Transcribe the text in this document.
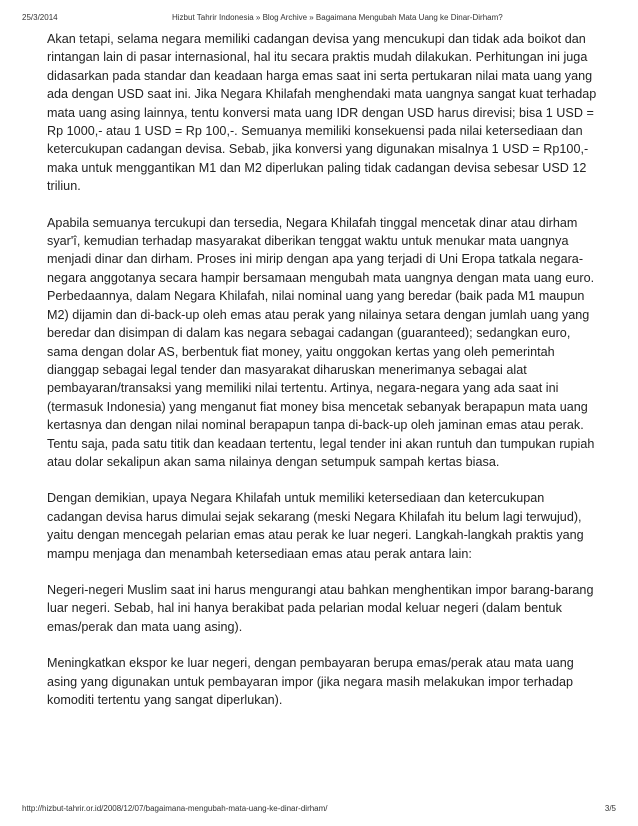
25/3/2014	Hizbut Tahrir Indonesia » Blog Archive » Bagaimana Mengubah Mata Uang ke Dinar-Dirham?

Akan tetapi, selama negara memiliki cadangan devisa yang mencukupi dan tidak ada boikot dan rintangan lain di pasar internasional, hal itu secara praktis mudah dilakukan. Perhitungan ini juga didasarkan pada standar dan keadaan harga emas saat ini serta pertukaran nilai mata uang yang ada dengan USD saat ini. Jika Negara Khilafah menghendaki mata uangnya sangat kuat terhadap mata uang asing lainnya, tentu konversi mata uang IDR dengan USD harus direvisi; bisa 1 USD = Rp 1000,- atau 1 USD = Rp 100,-. Semuanya memiliki konsekuensi pada nilai ketersediaan dan ketercukupan cadangan devisa. Sebab, jika konversi yang digunakan misalnya 1 USD = Rp100,- maka untuk menggantikan M1 dan M2 diperlukan paling tidak cadangan devisa sebesar USD 12 triliun.

Apabila semuanya tercukupi dan tersedia, Negara Khilafah tinggal mencetak dinar atau dirham syar'î, kemudian terhadap masyarakat diberikan tenggat waktu untuk menukar mata uangnya menjadi dinar dan dirham. Proses ini mirip dengan apa yang terjadi di Uni Eropa tatkala negara-negara anggotanya secara hampir bersamaan mengubah mata uangnya dengan mata uang euro. Perbedaannya, dalam Negara Khilafah, nilai nominal uang yang beredar (baik pada M1 maupun M2) dijamin dan di-back-up oleh emas atau perak yang nilainya setara dengan jumlah uang yang beredar dan disimpan di dalam kas negara sebagai cadangan (guaranteed); sedangkan euro, sama dengan dolar AS, berbentuk fiat money, yaitu onggokan kertas yang oleh pemerintah dianggap sebagai legal tender dan masyarakat diharuskan menerimanya sebagai alat pembayaran/transaksi yang memiliki nilai tertentu. Artinya, negara-negara yang ada saat ini (termasuk Indonesia) yang menganut fiat money bisa mencetak sebanyak berapapun mata uang kertasnya dan dengan nilai nominal berapapun tanpa di-back-up oleh jaminan emas atau perak. Tentu saja, pada satu titik dan keadaan tertentu, legal tender ini akan runtuh dan tumpukan rupiah atau dolar sekalipun akan sama nilainya dengan setumpuk sampah kertas biasa.

Dengan demikian, upaya Negara Khilafah untuk memiliki ketersediaan dan ketercukupan cadangan devisa harus dimulai sejak sekarang (meski Negara Khilafah itu belum lagi terwujud), yaitu dengan mencegah pelarian emas atau perak ke luar negeri. Langkah-langkah praktis yang mampu menjaga dan menambah ketersediaan emas atau perak antara lain:

Negeri-negeri Muslim saat ini harus mengurangi atau bahkan menghentikan impor barang-barang luar negeri. Sebab, hal ini hanya berakibat pada pelarian modal keluar negeri (dalam bentuk emas/perak dan mata uang asing).

Meningkatkan ekspor ke luar negeri, dengan pembayaran berupa emas/perak atau mata uang asing yang digunakan untuk pembayaran impor (jika negara masih melakukan impor terhadap komoditi tertentu yang sangat diperlukan).

http://hizbut-tahrir.or.id/2008/12/07/bagaimana-mengubah-mata-uang-ke-dinar-dirham/	3/5
